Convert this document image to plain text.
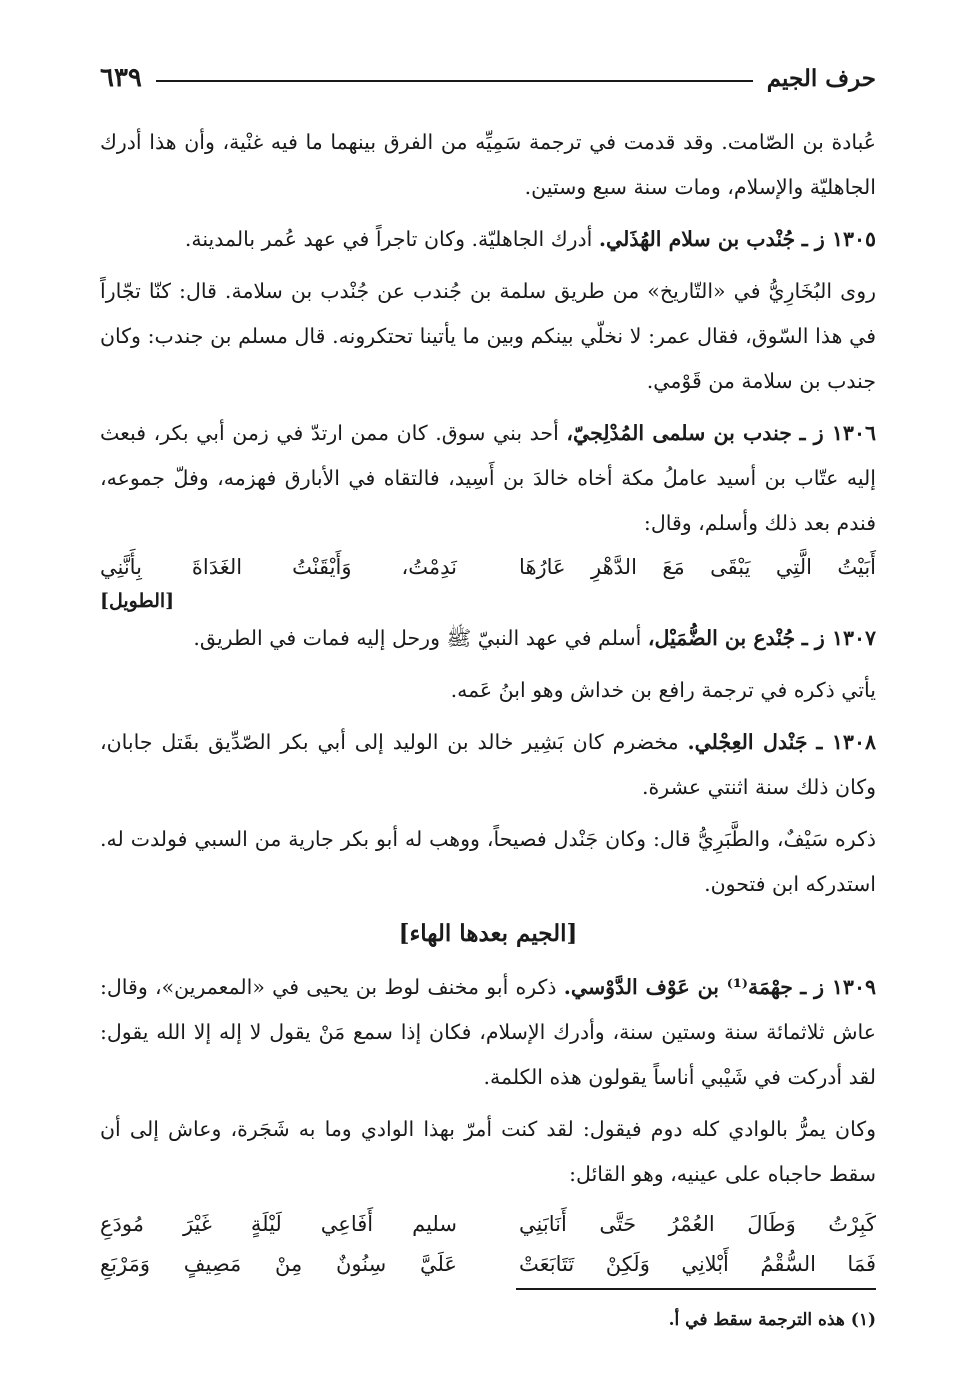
حرف الجيم
٦٣٩

عُبادة بن الصّامت. وقد قدمت في ترجمة سَمِيِّه من الفرق بينهما ما فيه غنْية، وأن هذا أدرك الجاهليّة والإسلام، ومات سنة سبع وستين.

١٣٠٥ ز ـ جُنْدب بن سلام الهُذَلي. أدرك الجاهليّة. وكان تاجراً في عهد عُمر بالمدينة.

روى البُخَارِيُّ في «التّاريخ» من طريق سلمة بن جُندب عن جُنْدب بن سلامة. قال: كنّا تجّاراً في هذا السّوق، فقال عمر: لا نخلّي بينكم وبين ما يأتينا تحتكرونه. قال مسلم بن جندب: وكان جندب بن سلامة من قَوْمي.

١٣٠٦ ز ـ جندب بن سلمى المُدْلِجيّ، أحد بني سوق. كان ممن ارتدّ في زمن أبي بكر، فبعث إليه عتّاب بن أسيد عاملُ مكة أخاه خالدَ بن أَسِيد، فالتقاه في الأبارق فهزمه، وفلّ جموعه، فندم بعد ذلك وأسلم، وقال:

أَبَيْتُ الَّتِي يَبْقَى مَعَ الدَّهْرِ عَارُهَا
نَدِمْتُ، وَأَيْقَنْتُ الغَدَاةَ بِأَنَّنِي
[الطويل]

١٣٠٧ ز ـ جُنْدع بن الضُّمَيْل، أسلم في عهد النبيّ ﷺ ورحل إليه فمات في الطريق.

يأتي ذكره في ترجمة رافع بن خداش وهو ابنُ عَمه.

١٣٠٨ ـ جَنْدل العِجْلي. مخضرم كان بَشِير خالد بن الوليد إلى أبي بكر الصّدِّيق بقَتل جابان، وكان ذلك سنة اثنتي عشرة.

ذكره سَيْفٌ، والطَّبَرِيُّ قال: وكان جَنْدل فصيحاً، ووهب له أبو بكر جارية من السبي فولدت له. استدركه ابن فتحون.

[الجيم بعدها الهاء]

١٣٠٩ ز ـ جهْمَة⁽¹⁾ بن عَوْف الدَّوْسي. ذكره أبو مخنف لوط بن يحيى في «المعمرين»، وقال: عاش ثلاثمائة سنة وستين سنة، وأدرك الإسلام، فكان إذا سمع مَنْ يقول لا إله إلا الله يقول: لقد أدركت في شَيْبي أناساً يقولون هذه الكلمة.

وكان يمرُّ بالوادي كله دوم فيقول: لقد كنت أمرّ بهذا الوادي وما به شَجَرة، وعاش إلى أن سقط حاجباه على عينيه، وهو القائل:

كَبِرْتُ وَطَالَ العُمْرُ حَتَّى أَنَابَنِي
سليم أَفَاعِي لَيْلَةٍ غَيْرَ مُودَعِ
فَمَا السُّقْمُ أَبْلانِي وَلَكِنْ تَتَابَعَتْ
عَلَيَّ سِنُونٌ مِنْ مَصِيفٍ وَمَرْبَعِ
(١) هذه الترجمة سقط في أ.
